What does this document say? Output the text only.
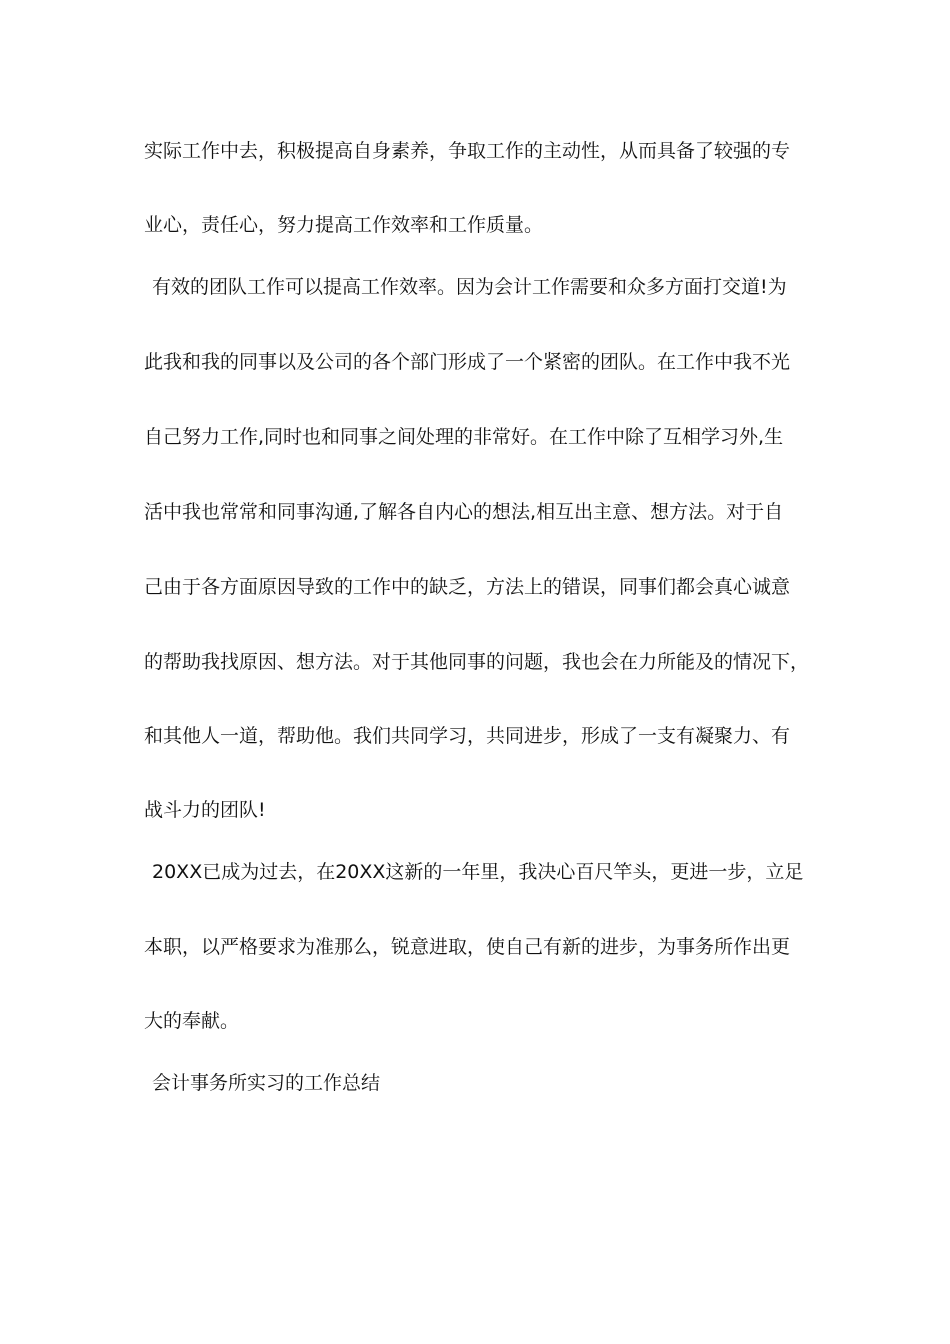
实际工作中去，积极提高自身素养，争取工作的主动性，从而具备了较强的专
业心，责任心，努力提高工作效率和工作质量。
有效的团队工作可以提高工作效率。因为会计工作需要和众多方面打交道!为
此我和我的同事以及公司的各个部门形成了一个紧密的团队。在工作中我不光
自己努力工作,同时也和同事之间处理的非常好。在工作中除了互相学习外,生
活中我也常常和同事沟通,了解各自内心的想法,相互出主意、想方法。对于自
己由于各方面原因导致的工作中的缺乏，方法上的错误，同事们都会真心诚意
的帮助我找原因、想方法。对于其他同事的问题，我也会在力所能及的情况下，
和其他人一道，帮助他。我们共同学习，共同进步，形成了一支有凝聚力、有
战斗力的团队!
20XX已成为过去，在20XX这新的一年里，我决心百尺竿头，更进一步，立足
本职，以严格要求为准那么，锐意进取，使自己有新的进步，为事务所作出更
大的奉献。
会计事务所实习的工作总结
